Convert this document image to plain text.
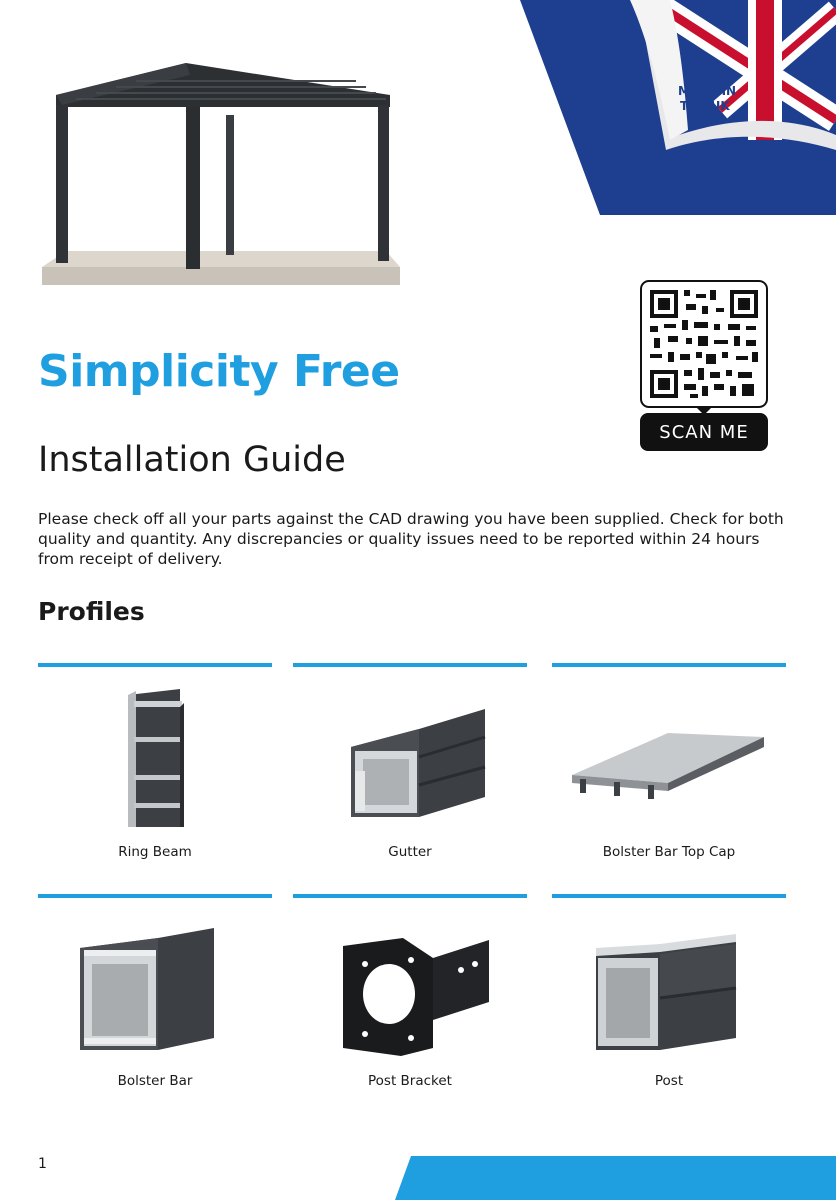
MADE IN
THE UK
SCAN ME
Simplicity Free
Installation Guide

Please check off all your parts against the CAD drawing you have been supplied. Check for both quality and quantity. Any discrepancies or quality issues need to be reported within 24 hours from receipt of delivery.

Profiles
Ring Beam	Gutter	Bolster Bar Top Cap
Bolster Bar	Post Bracket	Post
1
